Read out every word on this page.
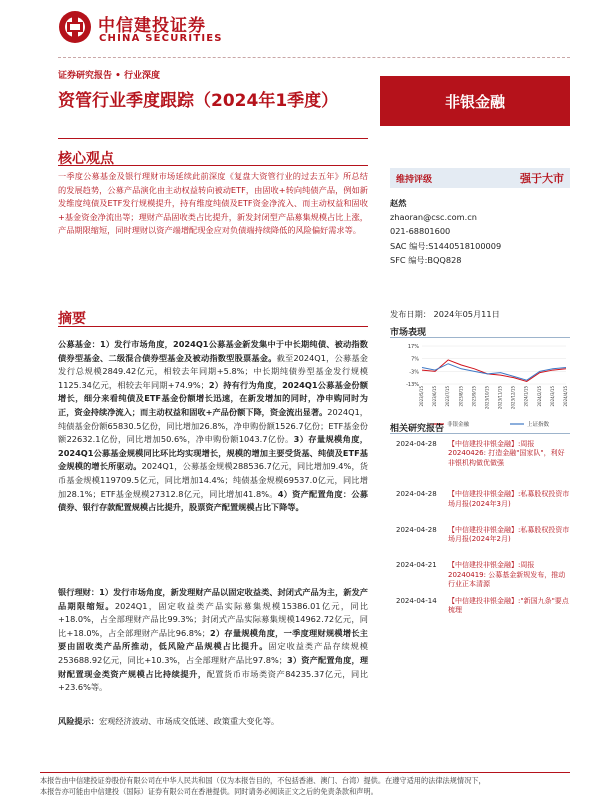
中信建投证券
CHINA SECURITIES
证券研究报告 • 行业深度
资管行业季度跟踪（2024年1季度）	非银金融
核心观点
一季度公募基金及银行理财市场延续此前深度《复盘大资管行业的过去五年》所总结的发展趋势，公募产品演化由主动权益转向被动ETF，由固收+转向纯债产品，例如新发维度纯债及ETF发行规模提升，持有维度纯债及ETF资金净流入、而主动权益和固收+基金资金净流出等；理财产品固收类占比提升，新发封闭型产品募集规模占比上涨，产品期限缩短，同时理财以资产端增配现金应对负债端持续降低的风险偏好需求等。
摘要
公募基金：1）发行市场角度，2024Q1公募基金新发集中于中长期纯债、被动指数债券型基金、二级混合债券型基金及被动指数型股票基金。截至2024Q1，公募基金发行总规模2849.42亿元，相较去年同期+5.8%；中长期纯债券型基金发行规模1125.34亿元，相较去年同期+74.9%；2）持有行为角度，2024Q1公募基金份额增长，细分来看纯债及ETF基金份额增长迅速，在新发增加的同时，净申购同时为正，资金持续净流入；而主动权益和固收+产品份额下降，资金流出显著。2024Q1，纯债基金份额65830.5亿份，同比增加26.8%，净申购份额1526.7亿份；ETF基金份额22632.1亿份，同比增加50.6%，净申购份额1043.7亿份。3）存量规模角度，2024Q1公募基金规模同比环比均实现增长，规模的增加主要受货基、纯债及ETF基金规模的增长所驱动。2024Q1，公募基金规模288536.7亿元，同比增加9.4%，货币基金规模119709.5亿元，同比增加14.4%；纯债基金规模69537.0亿元，同比增加28.1%；ETF基金规模27312.8亿元，同比增加41.8%。4）资产配置角度：公募债券、银行存款配置规模占比提升，股票资产配置规模占比下降等。
银行理财：1）发行市场角度，新发理财产品以固定收益类、封闭式产品为主，新发产品期限缩短。2024Q1，固定收益类产品实际募集规模15386.01亿元，同比+18.0%，占全部理财产品比99.3%；封闭式产品实际募集规模14962.72亿元，同比+18.0%，占全部理财产品比96.8%；2）存量规模角度，一季度理财规模增长主要由固收类产品所推动，低风险产品规模占比提升。固定收益类产品存续规模253688.92亿元，同比+10.3%，占全部理财产品比97.8%；3）资产配置角度，理财配置现金类资产规模占比持续提升，配置货币市场类资产84235.37亿元，同比+23.6%等。
风险提示：宏观经济波动、市场成交低迷、政策重大变化等。
维持评级	强于大市
赵然
zhaoran@csc.com.cn
021-68801600
SAC 编号:S1440518100009
SFC 编号:BQQ828
发布日期： 2024年05月11日
市场表现
17%
7%
-3%
-13%
2023/5/15 2023/6/15 2023/7/15 2023/8/15 2023/9/15 2023/10/15 2023/11/15 2023/12/15 2024/1/15 2024/2/15 2024/3/15 2024/4/15
非银金融	上证指数
相关研究报告
2024-04-28 【中信建投非银金融】:周报 20240426: 打造金融"国家队"，利好非银机构做优做强
2024-04-28 【中信建投非银金融】:私募股权投资市场月报(2024年3月)
2024-04-28 【中信建投非银金融】:私募股权投资市场月报(2024年2月)
2024-04-21 【中信建投非银金融】:周报 20240419: 公募基金新规发布，推动行业正本清源
2024-04-14 【中信建投非银金融】:"新国九条"要点梳理
本报告由中信建投证券股份有限公司在中华人民共和国（仅为本报告目的，不包括香港、澳门、台湾）提供。在遵守适用的法律法规情况下，
本报告亦可能由中信建投（国际）证券有限公司在香港提供。同时请务必阅读正文之后的免责条款和声明。
